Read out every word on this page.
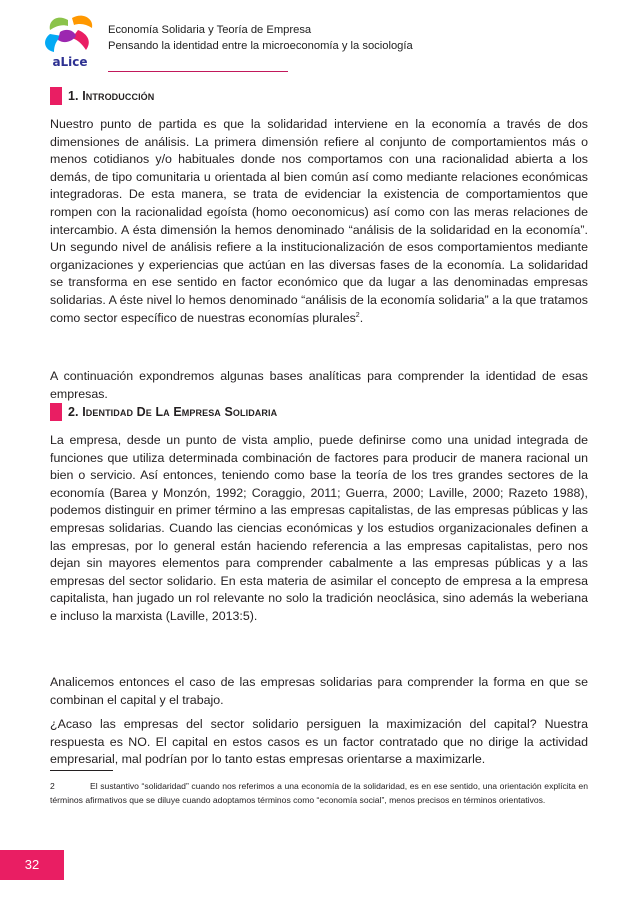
aLice
Economía Solidaria y Teoría de Empresa
Pensando la identidad entre la microeconomía y la sociología
1. Introducción
Nuestro punto de partida es que la solidaridad interviene en la economía a través de dos dimensiones de análisis. La primera dimensión refiere al conjunto de comportamientos más o menos cotidianos y/o habituales donde nos comportamos con una racionalidad abierta a los demás, de tipo comunitaria u orientada al bien común así como mediante relaciones económicas integradoras. De esta manera, se trata de evidenciar la existencia de comportamientos que rompen con la racionalidad egoísta (homo oeconomicus) así como con las meras relaciones de intercambio. A ésta dimensión la hemos denominado “análisis de la solidaridad en la economía”. Un segundo nivel de análisis refiere a la institucionalización de esos comportamientos mediante organizaciones y experiencias que actúan en las diversas fases de la economía. La solidaridad se transforma en ese sentido en factor económico que da lugar a las denominadas empresas solidarias. A éste nivel lo hemos denominado “análisis de la economía solidaria” a la que tratamos como sector específico de nuestras economías plurales$^2$.
A continuación expondremos algunas bases analíticas para comprender la identidad de esas empresas.
2. Identidad De La Empresa Solidaria
La empresa, desde un punto de vista amplio, puede definirse como una unidad integrada de funciones que utiliza determinada combinación de factores para producir de manera racional un bien o servicio. Así entonces, teniendo como base la teoría de los tres grandes sectores de la economía (Barea y Monzón, 1992; Coraggio, 2011; Guerra, 2000; Laville, 2000; Razeto 1988), podemos distinguir en primer término a las empresas capitalistas, de las empresas públicas y las empresas solidarias. Cuando las ciencias económicas y los estudios organizacionales definen a las empresas, por lo general están haciendo referencia a las empresas capitalistas, pero nos dejan sin mayores elementos para comprender cabalmente a las empresas públicas y a las empresas del sector solidario. En esta materia de asimilar el concepto de empresa a la empresa capitalista, han jugado un rol relevante no solo la tradición neoclásica, sino además la weberiana e incluso la marxista (Laville, 2013:5).
Analicemos entonces el caso de las empresas solidarias para comprender la forma en que se combinan el capital y el trabajo.
¿Acaso las empresas del sector solidario persiguen la maximización del capital? Nuestra respuesta es NO. El capital en estos casos es un factor contratado que no dirige la actividad empresarial, mal podrían por lo tanto estas empresas orientarse a maximizarle.
2	El sustantivo “solidaridad” cuando nos referimos a una economía de la solidaridad, es en ese sentido, una orientación explícita en términos afirmativos que se diluye cuando adoptamos términos como “economía social”, menos precisos en términos orientativos.
32
